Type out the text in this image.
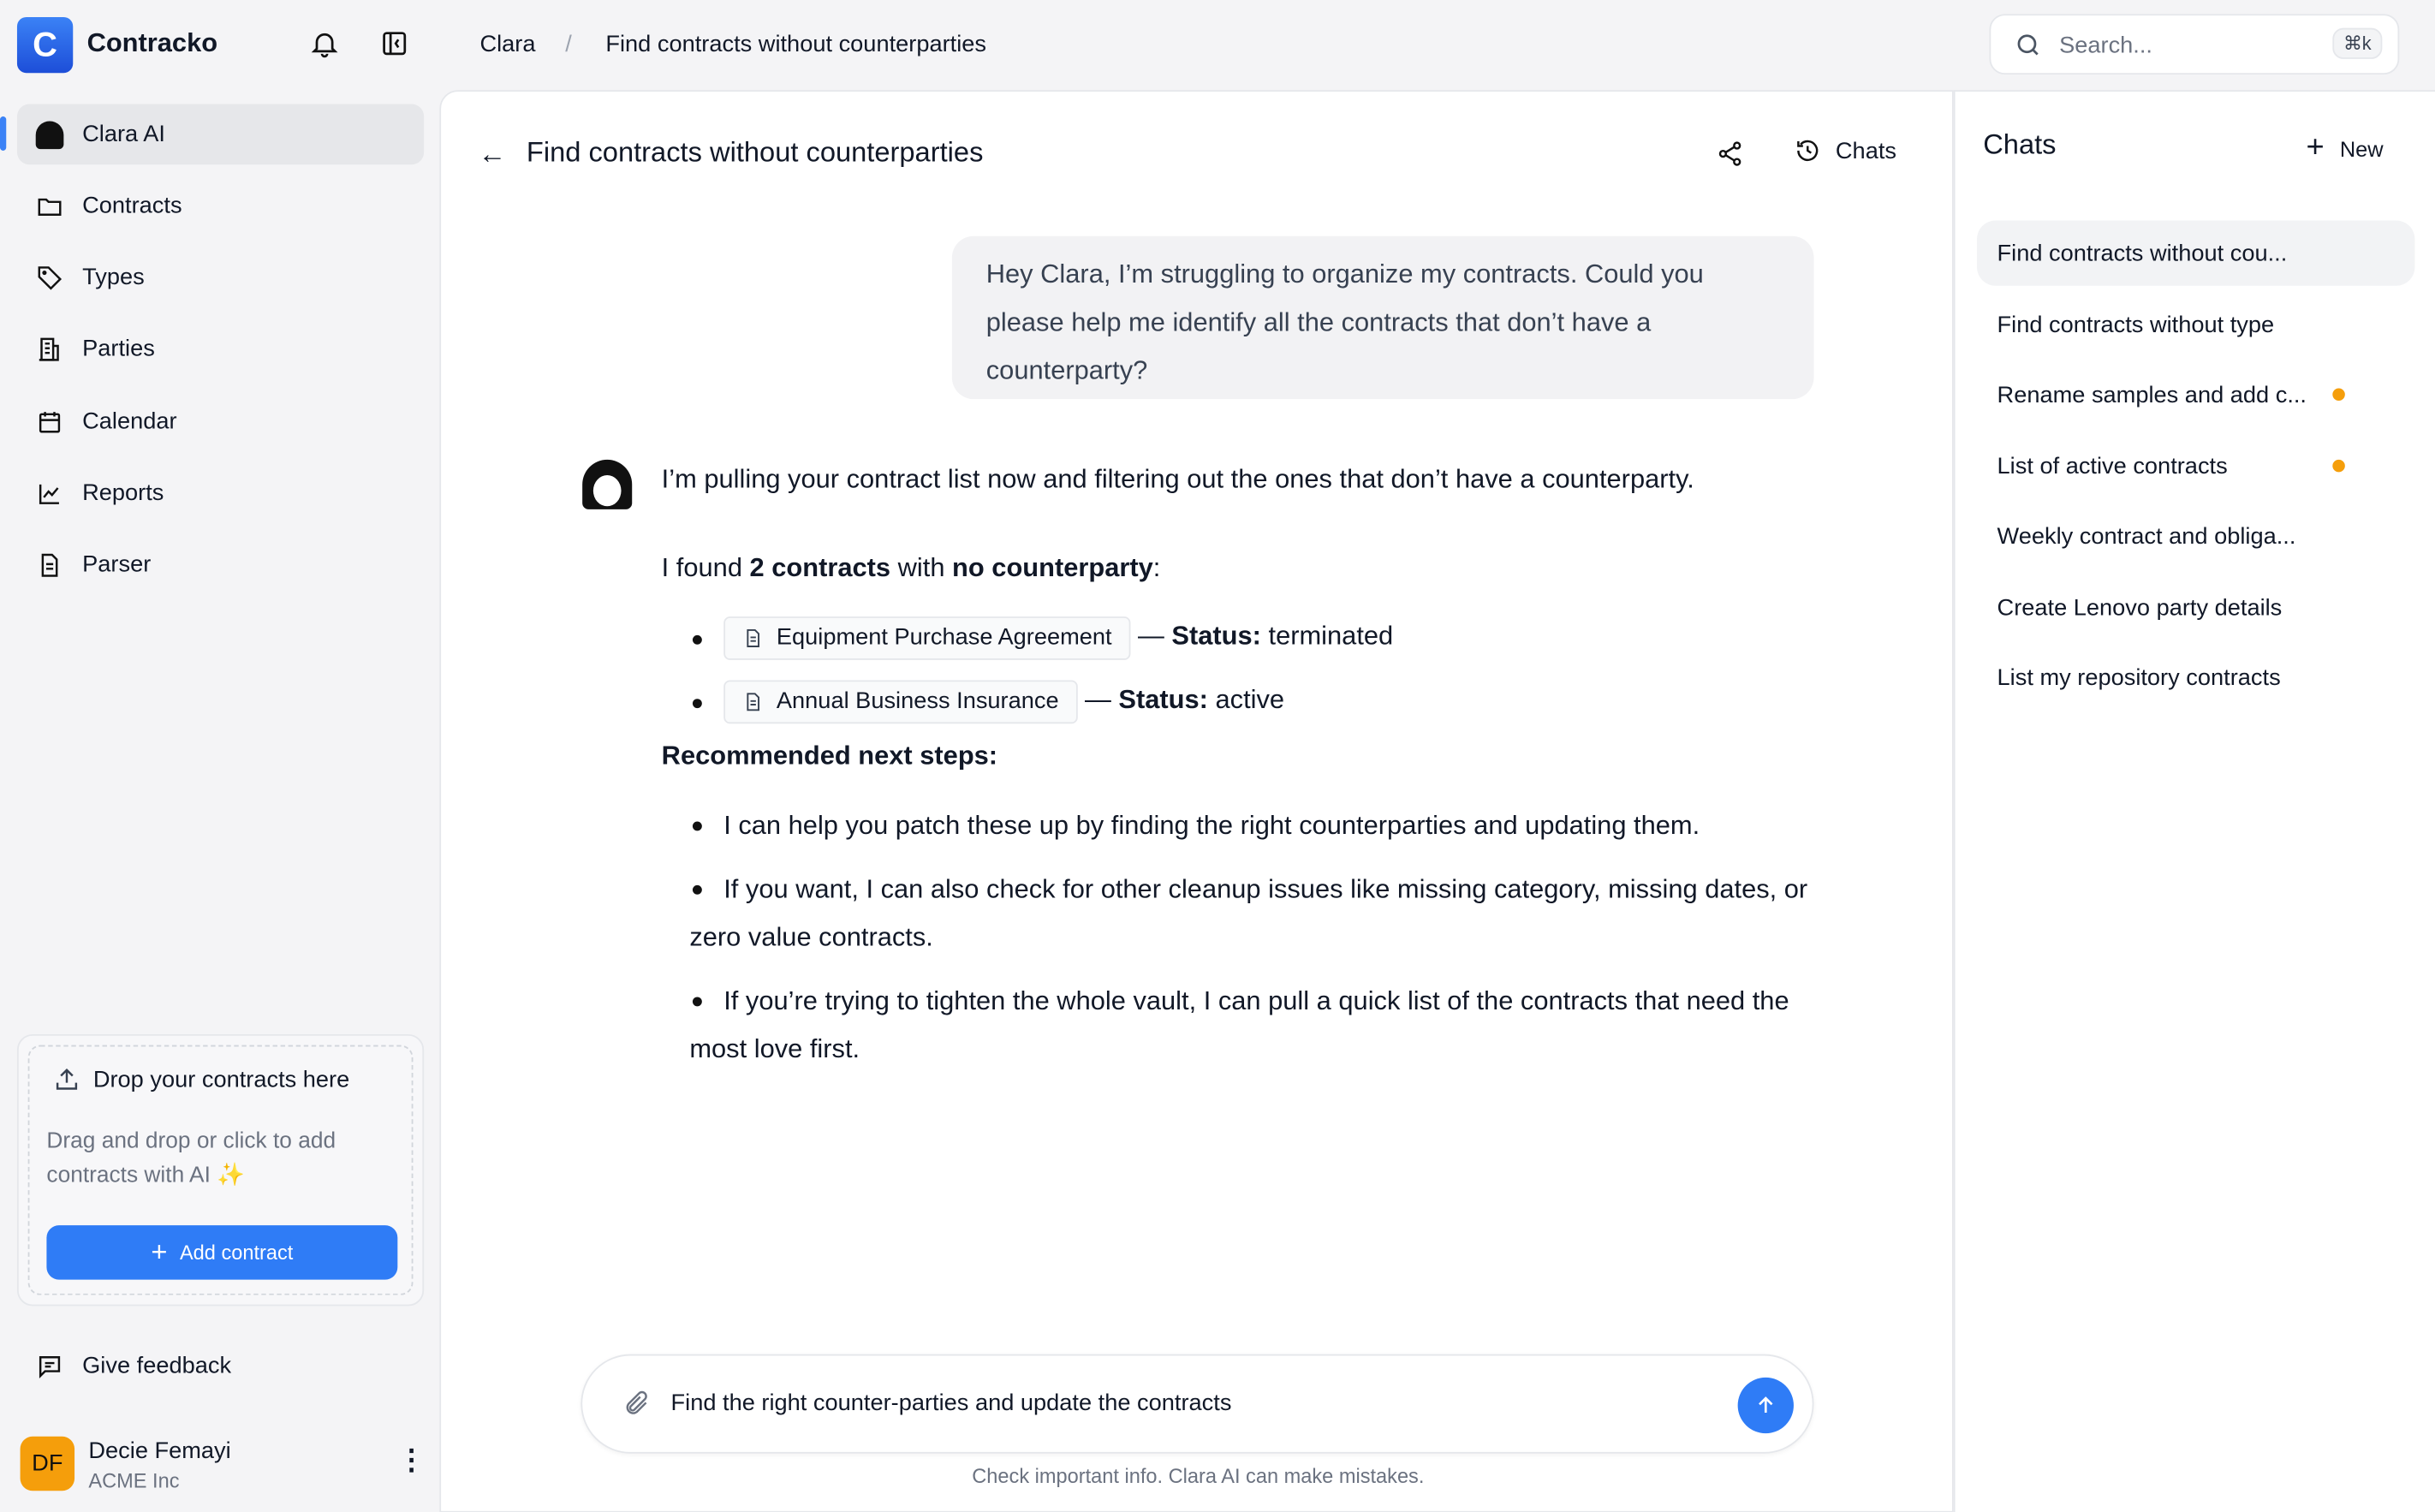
C Contracko	Clara /	Find contracts without counterparties	Search...	⌘k
Clara AI
Contracts
Types
Parties
Calendar
Reports
Parser
Drop your contracts here
Drag and drop or click to add contracts with AI ✨
+ Add contract
Give feedback
DF	Decie Femayi
ACME Inc
⋮
← Find contracts without counterparties	Chats
Hey Clara, I’m struggling to organize my contracts. Could you please help me identify all the contracts that don’t have a counterparty?
I’m pulling your contract list now and filtering out the ones that don’t have a counterparty.
I found 2 contracts with no counterparty:
Equipment Purchase Agreement — Status: terminated
Annual Business Insurance — Status: active
Recommended next steps:
I can help you patch these up by finding the right counterparties and updating them.
If you want, I can also check for other cleanup issues like missing category, missing dates, or zero value contracts.
If you’re trying to tighten the whole vault, I can pull a quick list of the contracts that need the most love first.
Find the right counter-parties and update the contracts
Check important info. Clara AI can make mistakes.
Chats	+ New
Find contracts without cou...
Find contracts without type
Rename samples and add c...
List of active contracts
Weekly contract and obliga...
Create Lenovo party details
List my repository contracts
